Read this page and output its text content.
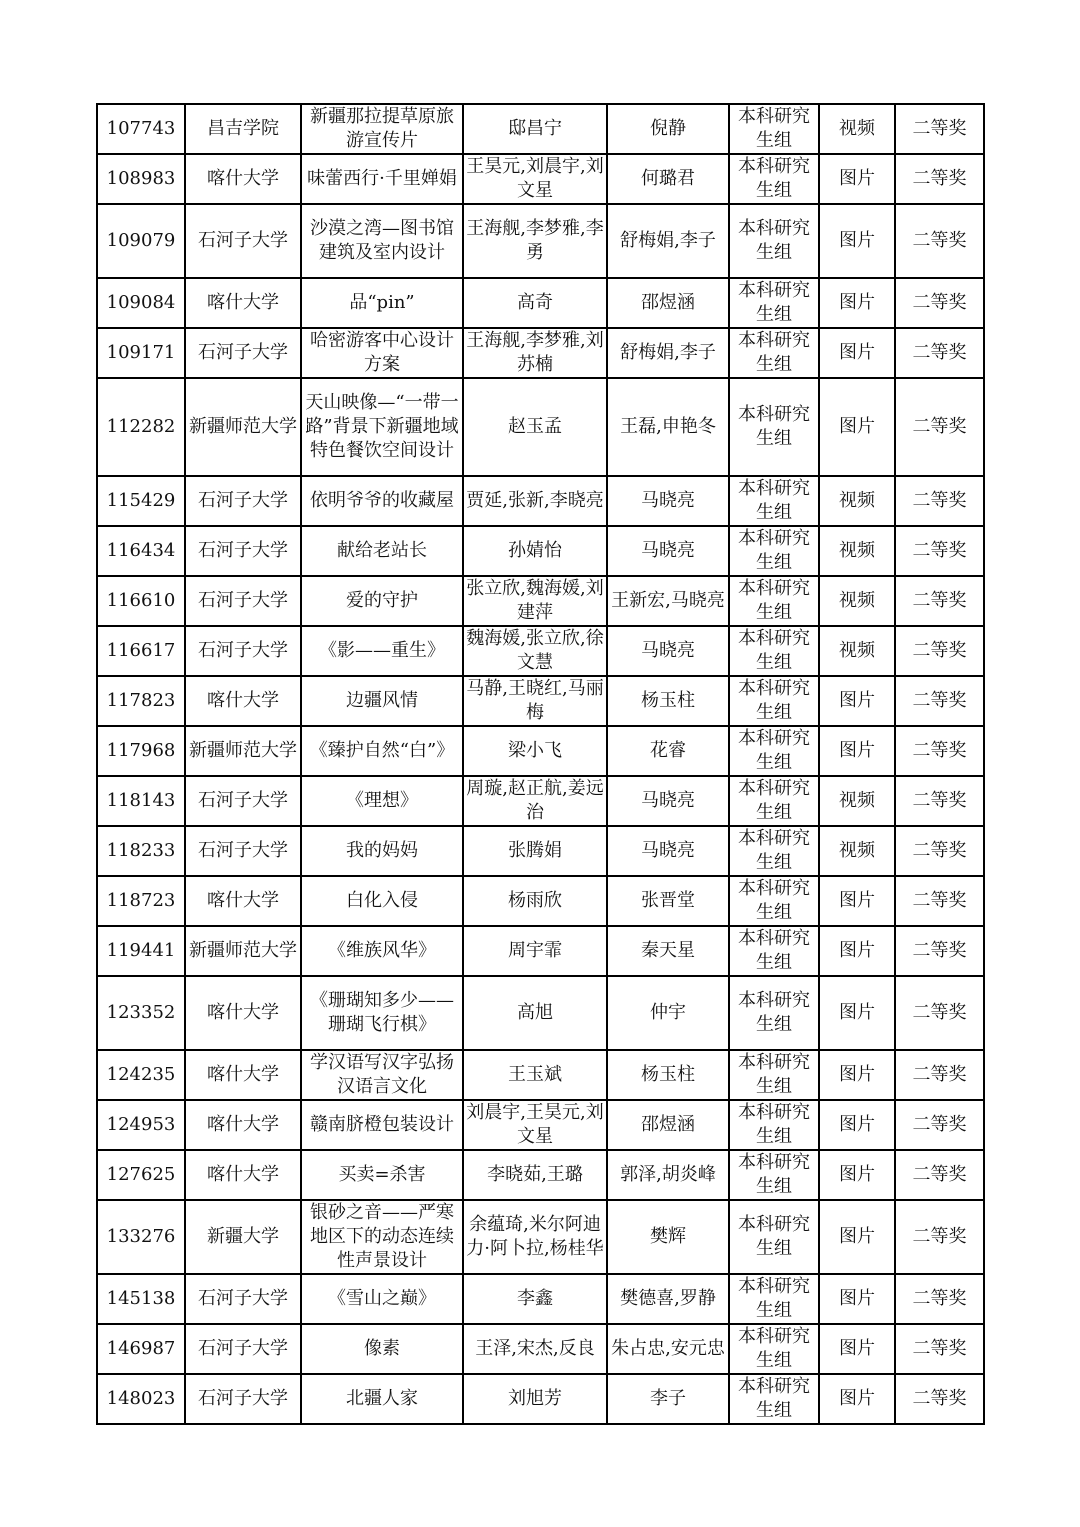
107743	昌吉学院	新疆那拉提草原旅游宣传片	邸昌宁	倪静	本科研究生组	视频	二等奖
108983	喀什大学	味蕾西行·千里婵娟	王昊元,刘晨宇,刘文星	何璐君	本科研究生组	图片	二等奖
109079	石河子大学	沙漠之湾—图书馆建筑及室内设计	王海舰,李梦雅,李勇	舒梅娟,李子	本科研究生组	图片	二等奖
109084	喀什大学	品“pin”	高奇	邵煜涵	本科研究生组	图片	二等奖
109171	石河子大学	哈密游客中心设计方案	王海舰,李梦雅,刘苏楠	舒梅娟,李子	本科研究生组	图片	二等奖
112282	新疆师范大学	天山映像—“一带一路”背景下新疆地域特色餐饮空间设计	赵玉孟	王磊,申艳冬	本科研究生组	图片	二等奖
115429	石河子大学	依明爷爷的收藏屋	贾延,张新,李晓亮	马晓亮	本科研究生组	视频	二等奖
116434	石河子大学	献给老站长	孙婧怡	马晓亮	本科研究生组	视频	二等奖
116610	石河子大学	爱的守护	张立欣,魏海媛,刘建萍	王新宏,马晓亮	本科研究生组	视频	二等奖
116617	石河子大学	《影——重生》	魏海媛,张立欣,徐文慧	马晓亮	本科研究生组	视频	二等奖
117823	喀什大学	边疆风情	马静,王晓红,马丽梅	杨玉柱	本科研究生组	图片	二等奖
117968	新疆师范大学	《臻护自然“白”》	梁小飞	花睿	本科研究生组	图片	二等奖
118143	石河子大学	《理想》	周璇,赵正航,姜远治	马晓亮	本科研究生组	视频	二等奖
118233	石河子大学	我的妈妈	张腾娟	马晓亮	本科研究生组	视频	二等奖
118723	喀什大学	白化入侵	杨雨欣	张晋堂	本科研究生组	图片	二等奖
119441	新疆师范大学	《维族风华》	周宇霏	秦天星	本科研究生组	图片	二等奖
123352	喀什大学	《珊瑚知多少——珊瑚飞行棋》	高旭	仲宇	本科研究生组	图片	二等奖
124235	喀什大学	学汉语写汉字弘扬汉语言文化	王玉斌	杨玉柱	本科研究生组	图片	二等奖
124953	喀什大学	赣南脐橙包装设计	刘晨宇,王昊元,刘文星	邵煜涵	本科研究生组	图片	二等奖
127625	喀什大学	买卖=杀害	李晓茹,王璐	郭泽,胡炎峰	本科研究生组	图片	二等奖
133276	新疆大学	银砂之音——严寒地区下的动态连续性声景设计	余蕴琦,米尔阿迪力·阿卜拉,杨桂华	樊辉	本科研究生组	图片	二等奖
145138	石河子大学	《雪山之巅》	李鑫	樊德喜,罗静	本科研究生组	图片	二等奖
146987	石河子大学	像素	王泽,宋杰,反良	朱占忠,安元忠	本科研究生组	图片	二等奖
148023	石河子大学	北疆人家	刘旭芳	李子	本科研究生组	图片	二等奖
